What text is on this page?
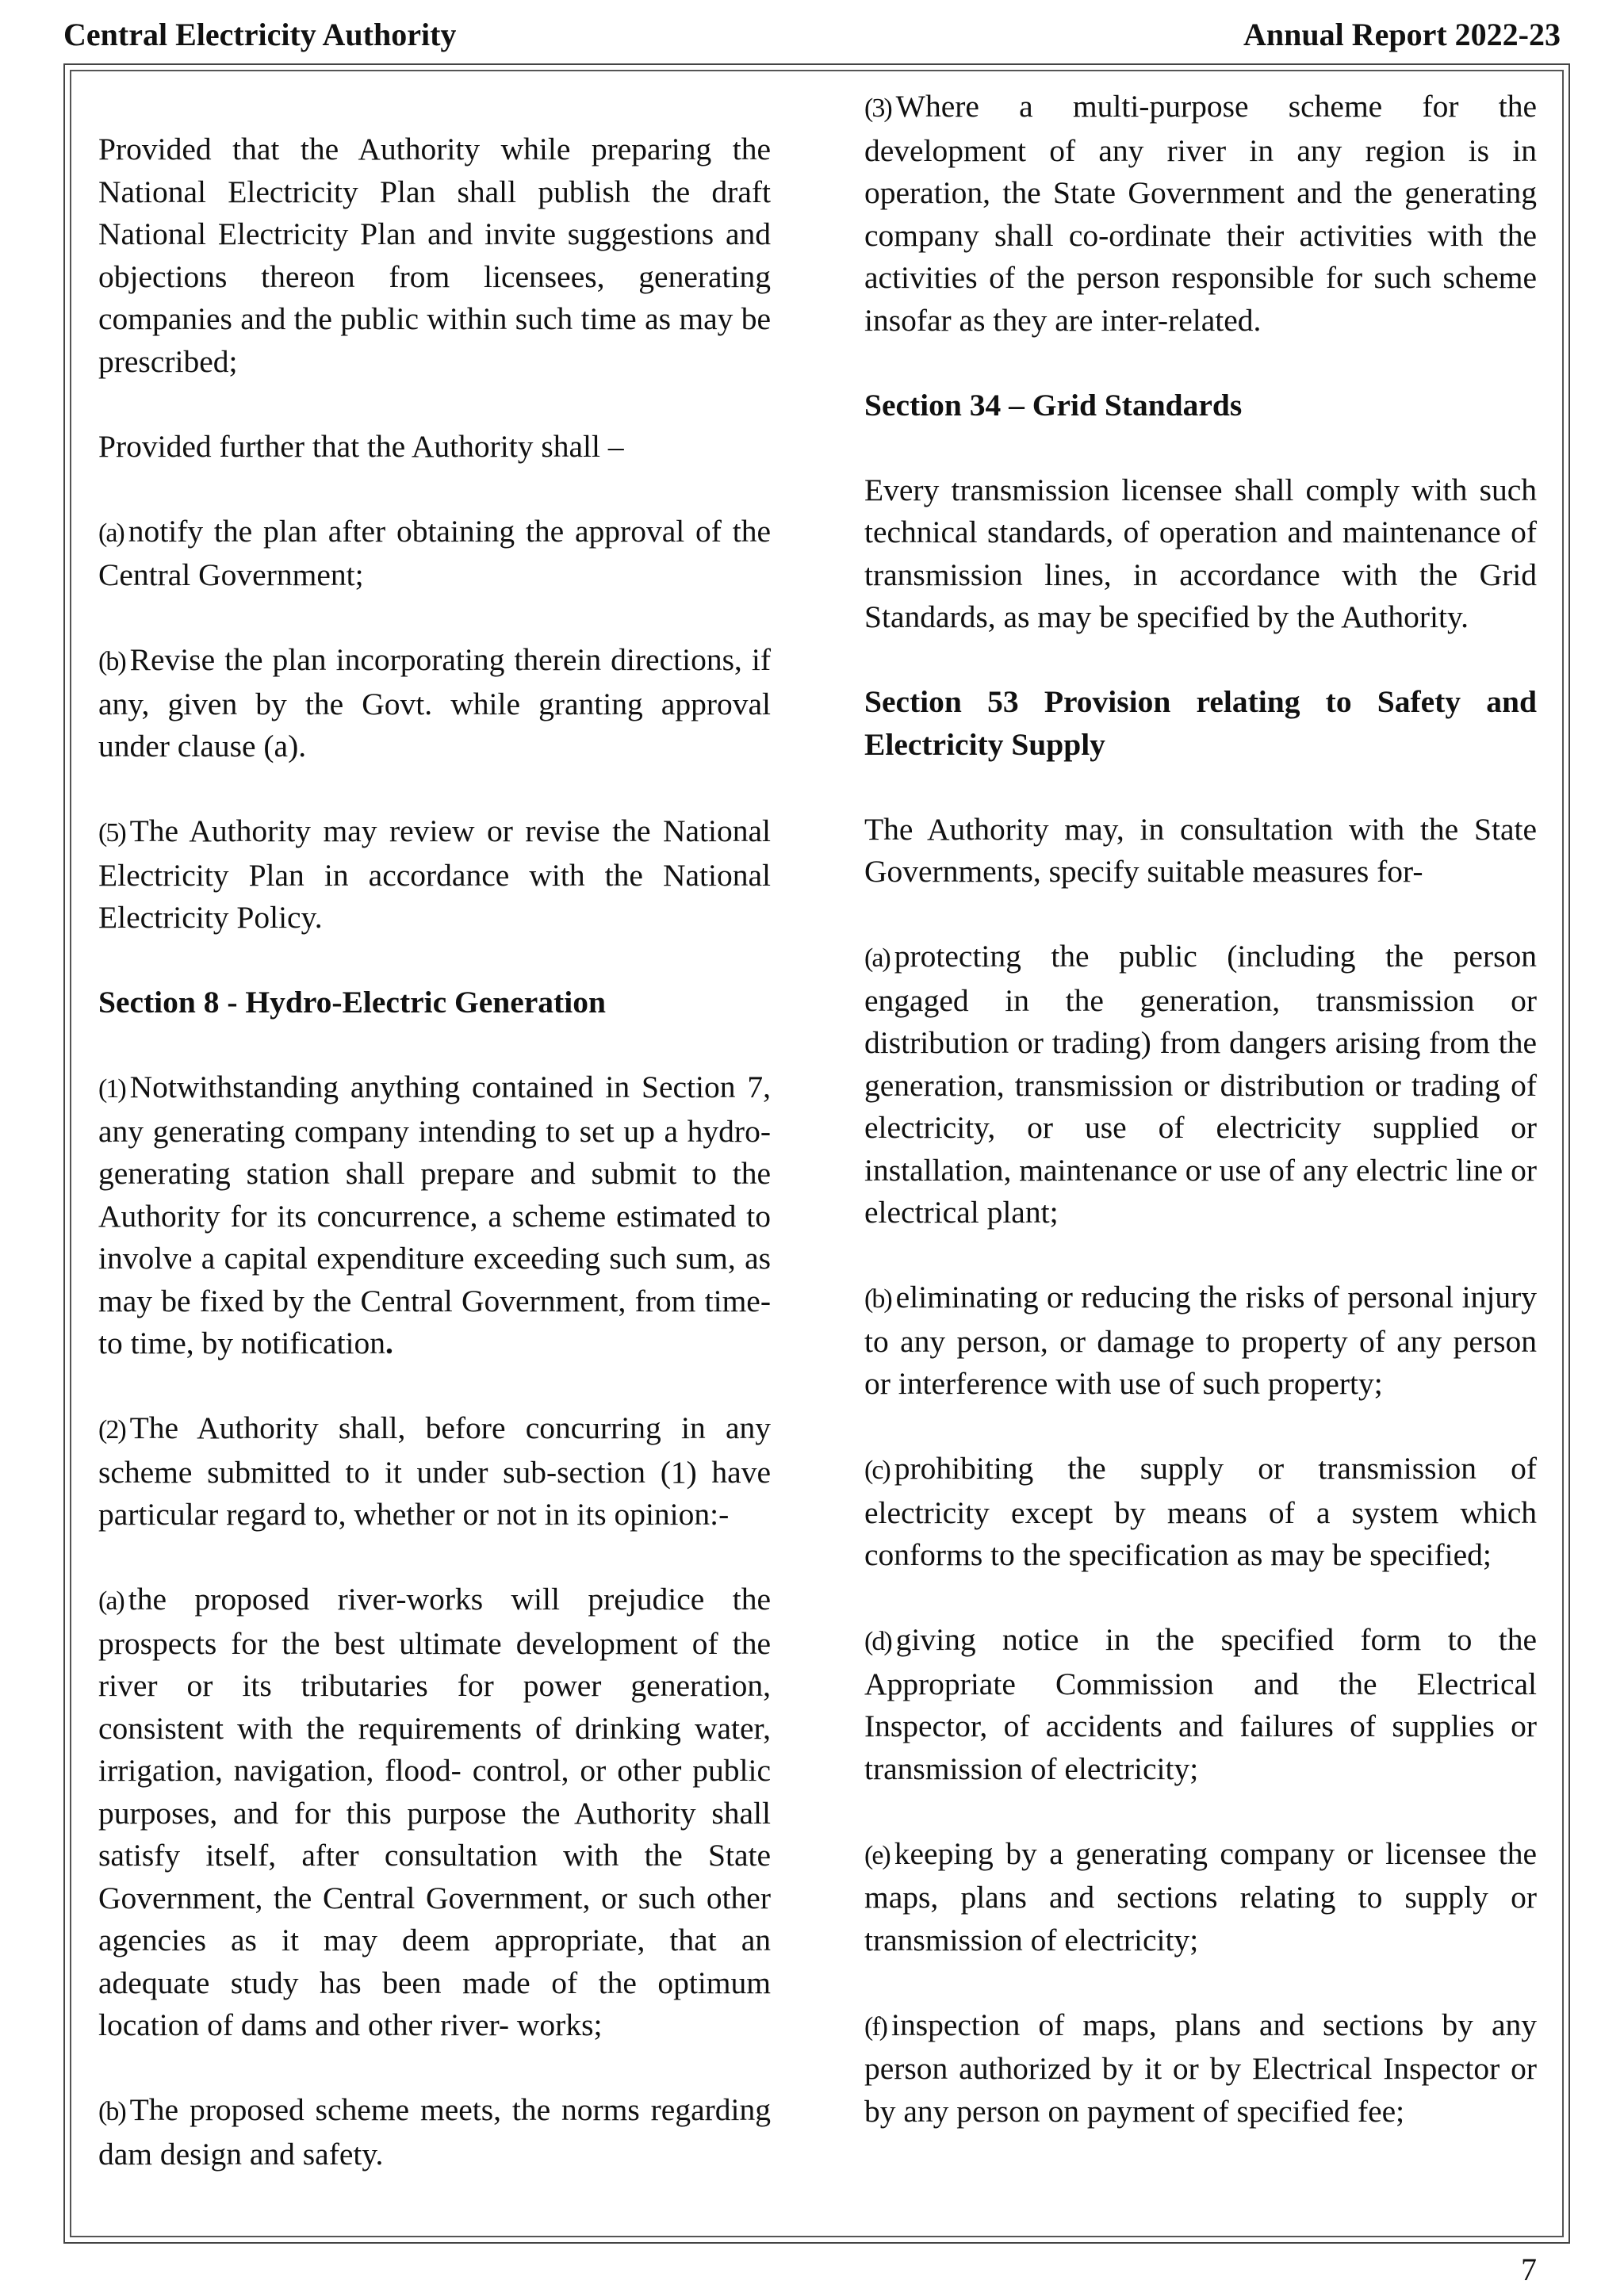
Central Electricity Authority	Annual Report 2022-23

Provided that the Authority while preparing the National Electricity Plan shall publish the draft National Electricity Plan and invite suggestions and objections thereon from licensees, generating companies and the public within such time as may be prescribed;

Provided further that the Authority shall –

(a) notify the plan after obtaining the approval of the Central Government;

(b) Revise the plan incorporating therein directions, if any, given by the Govt. while granting approval under clause (a).

(5) The Authority may review or revise the National Electricity Plan in accordance with the National Electricity Policy.

Section 8 - Hydro-Electric Generation

(1) Notwithstanding anything contained in Section 7, any generating company intending to set up a hydro-generating station shall prepare and submit to the Authority for its concurrence, a scheme estimated to involve a capital expenditure exceeding such sum, as may be fixed by the Central Government, from time- to time, by notification.

(2) The Authority shall, before concurring in any scheme submitted to it under sub-section (1) have particular regard to, whether or not in its opinion:-

(a) the proposed river-works will prejudice the prospects for the best ultimate development of the river or its tributaries for power generation, consistent with the requirements of drinking water, irrigation, navigation, flood- control, or other public purposes, and for this purpose the Authority shall satisfy itself, after consultation with the State Government, the Central Government, or such other agencies as it may deem appropriate, that an adequate study has been made of the optimum location of dams and other river- works;

(b) The proposed scheme meets, the norms regarding dam design and safety.

(3) Where a multi-purpose scheme for the development of any river in any region is in operation, the State Government and the generating company shall co-ordinate their activities with the activities of the person responsible for such scheme insofar as they are inter-related.

Section 34 – Grid Standards

Every transmission licensee shall comply with such technical standards, of operation and maintenance of transmission lines, in accordance with the Grid Standards, as may be specified by the Authority.

Section 53 Provision relating to Safety and Electricity Supply

The Authority may, in consultation with the State Governments, specify suitable measures for-

(a) protecting the public (including the person engaged in the generation, transmission or distribution or trading) from dangers arising from the generation, transmission or distribution or trading of electricity, or use of electricity supplied or installation, maintenance or use of any electric line or electrical plant;

(b) eliminating or reducing the risks of personal injury to any person, or damage to property of any person or interference with use of such property;

(c) prohibiting the supply or transmission of electricity except by means of a system which conforms to the specification as may be specified;

(d) giving notice in the specified form to the Appropriate Commission and the Electrical Inspector, of accidents and failures of supplies or transmission of electricity;

(e) keeping by a generating company or licensee the maps, plans and sections relating to supply or transmission of electricity;

(f) inspection of maps, plans and sections by any person authorized by it or by Electrical Inspector or by any person on payment of specified fee;

7
